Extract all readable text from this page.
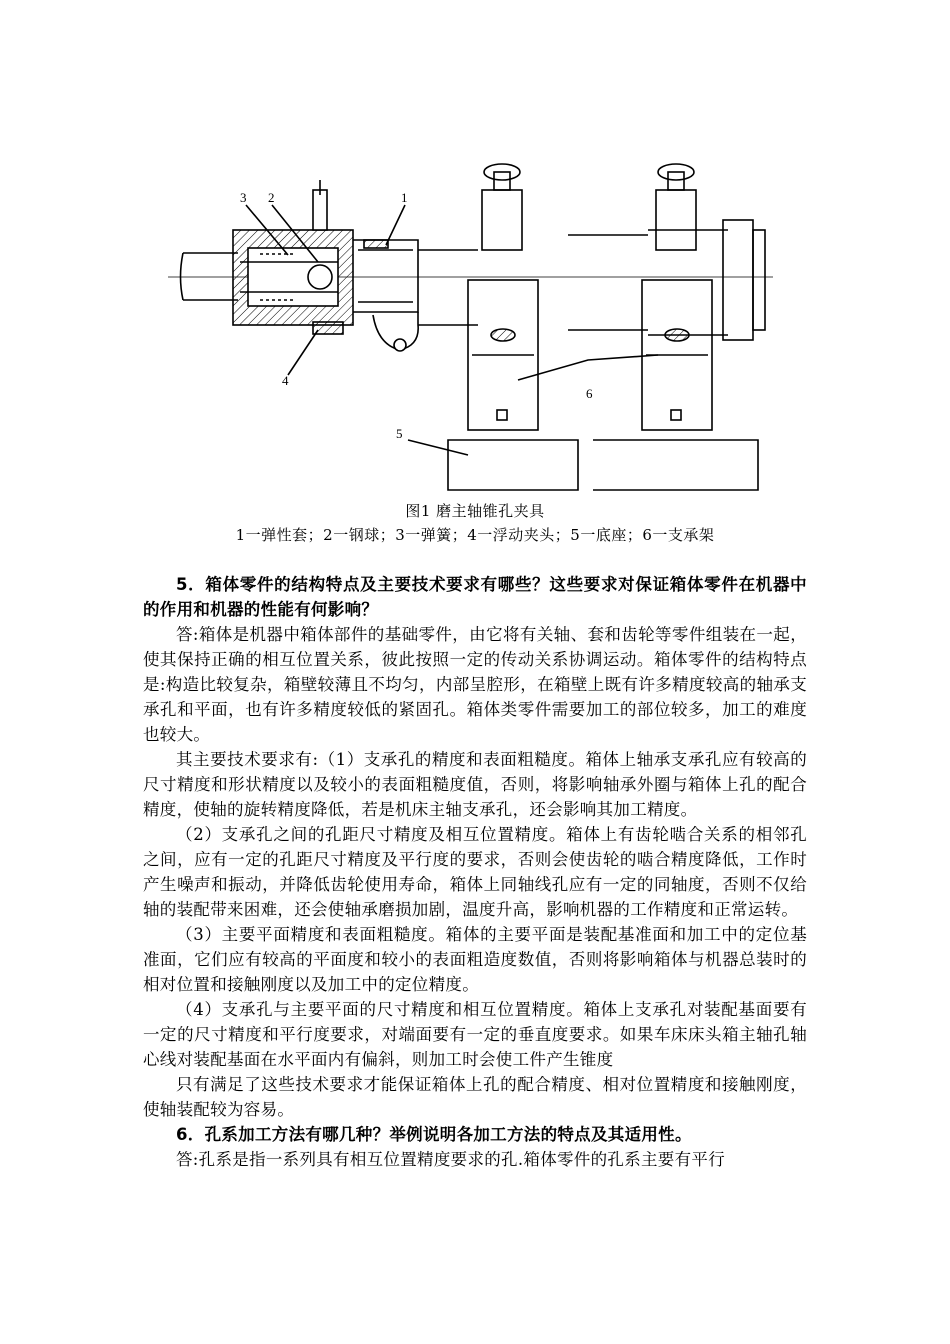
3 2	1
4
6
5
图1 磨主轴锥孔夹具
1一弹性套；2一钢球；3一弹簧；4一浮动夹头；5一底座；6一支承架

5．箱体零件的结构特点及主要技术要求有哪些？这些要求对保证箱体零件在机器中的作用和机器的性能有何影响？

答:箱体是机器中箱体部件的基础零件，由它将有关轴、套和齿轮等零件组装在一起，使其保持正确的相互位置关系，彼此按照一定的传动关系协调运动。箱体零件的结构特点是:构造比较复杂，箱壁较薄且不均匀，内部呈腔形，在箱壁上既有许多精度较高的轴承支承孔和平面，也有许多精度较低的紧固孔。箱体类零件需要加工的部位较多，加工的难度也较大。

其主要技术要求有:（1）支承孔的精度和表面粗糙度。箱体上轴承支承孔应有较高的尺寸精度和形状精度以及较小的表面粗糙度值，否则，将影响轴承外圈与箱体上孔的配合精度，使轴的旋转精度降低，若是机床主轴支承孔，还会影响其加工精度。

（2）支承孔之间的孔距尺寸精度及相互位置精度。箱体上有齿轮啮合关系的相邻孔之间，应有一定的孔距尺寸精度及平行度的要求，否则会使齿轮的啮合精度降低，工作时产生噪声和振动，并降低齿轮使用寿命，箱体上同轴线孔应有一定的同轴度，否则不仅给轴的装配带来困难，还会使轴承磨损加剧，温度升高，影响机器的工作精度和正常运转。

（3）主要平面精度和表面粗糙度。箱体的主要平面是装配基准面和加工中的定位基准面，它们应有较高的平面度和较小的表面粗造度数值，否则将影响箱体与机器总装时的相对位置和接触刚度以及加工中的定位精度。

（4）支承孔与主要平面的尺寸精度和相互位置精度。箱体上支承孔对装配基面要有一定的尺寸精度和平行度要求，对端面要有一定的垂直度要求。如果车床床头箱主轴孔轴心线对装配基面在水平面内有偏斜，则加工时会使工件产生锥度

只有满足了这些技术要求才能保证箱体上孔的配合精度、相对位置精度和接触刚度，使轴装配较为容易。

6．孔系加工方法有哪几种？举例说明各加工方法的特点及其适用性。

答:孔系是指一系列具有相互位置精度要求的孔.箱体零件的孔系主要有平行
